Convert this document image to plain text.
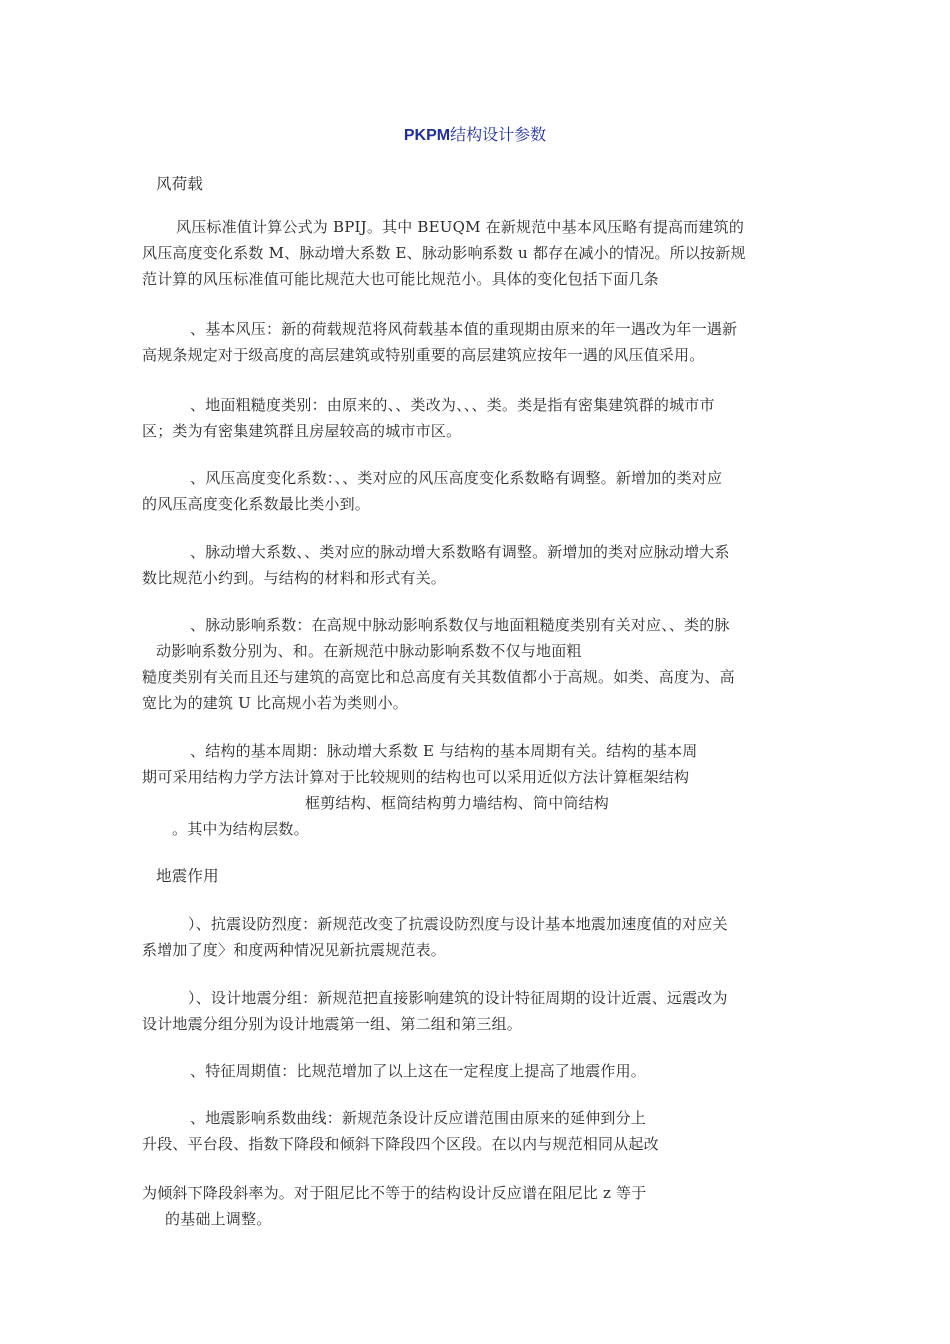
PKPM结构设计参数
风荷载
风压标准值计算公式为 BPIJ。其中 BEUQM 在新规范中基本风压略有提高而建筑的
风压高度变化系数 M、脉动增大系数 E、脉动影响系数 u 都存在减小的情况。所以按新规
范计算的风压标准值可能比规范大也可能比规范小。具体的变化包括下面几条
、基本风压：新的荷载规范将风荷载基本值的重现期由原来的年一遇改为年一遇新
高规条规定对于级高度的高层建筑或特别重要的高层建筑应按年一遇的风压值采用。
、地面粗糙度类别：由原来的、、类改为、、、类。类是指有密集建筑群的城市市
区；类为有密集建筑群且房屋较高的城市市区。
、风压高度变化系数：、、类对应的风压高度变化系数略有调整。新增加的类对应
的风压高度变化系数最比类小到。
、脉动增大系数、、类对应的脉动增大系数略有调整。新增加的类对应脉动增大系
数比规范小约到。与结构的材料和形式有关。
、脉动影响系数：在高规中脉动影响系数仅与地面粗糙度类别有关对应、、类的脉
动影响系数分别为、和。在新规范中脉动影响系数不仅与地面粗
糙度类别有关而且还与建筑的高宽比和总高度有关其数值都小于高规。如类、高度为、高
宽比为的建筑 U 比高规小若为类则小。
、结构的基本周期：脉动增大系数 E 与结构的基本周期有关。结构的基本周
期可采用结构力学方法计算对于比较规则的结构也可以采用近似方法计算框架结构
框剪结构、框筒结构剪力墙结构、筒中筒结构
。其中为结构层数。
地震作用
）、抗震设防烈度：新规范改变了抗震设防烈度与设计基本地震加速度值的对应关
系增加了度〉和度两种情况见新抗震规范表。
）、设计地震分组：新规范把直接影响建筑的设计特征周期的设计近震、远震改为
设计地震分组分别为设计地震第一组、第二组和第三组。
、特征周期值：比规范增加了以上这在一定程度上提高了地震作用。
、地震影响系数曲线：新规范条设计反应谱范围由原来的延伸到分上
升段、平台段、指数下降段和倾斜下降段四个区段。在以内与规范相同从起改
为倾斜下降段斜率为。对于阻尼比不等于的结构设计反应谱在阻尼比 z 等于
的基础上调整。
